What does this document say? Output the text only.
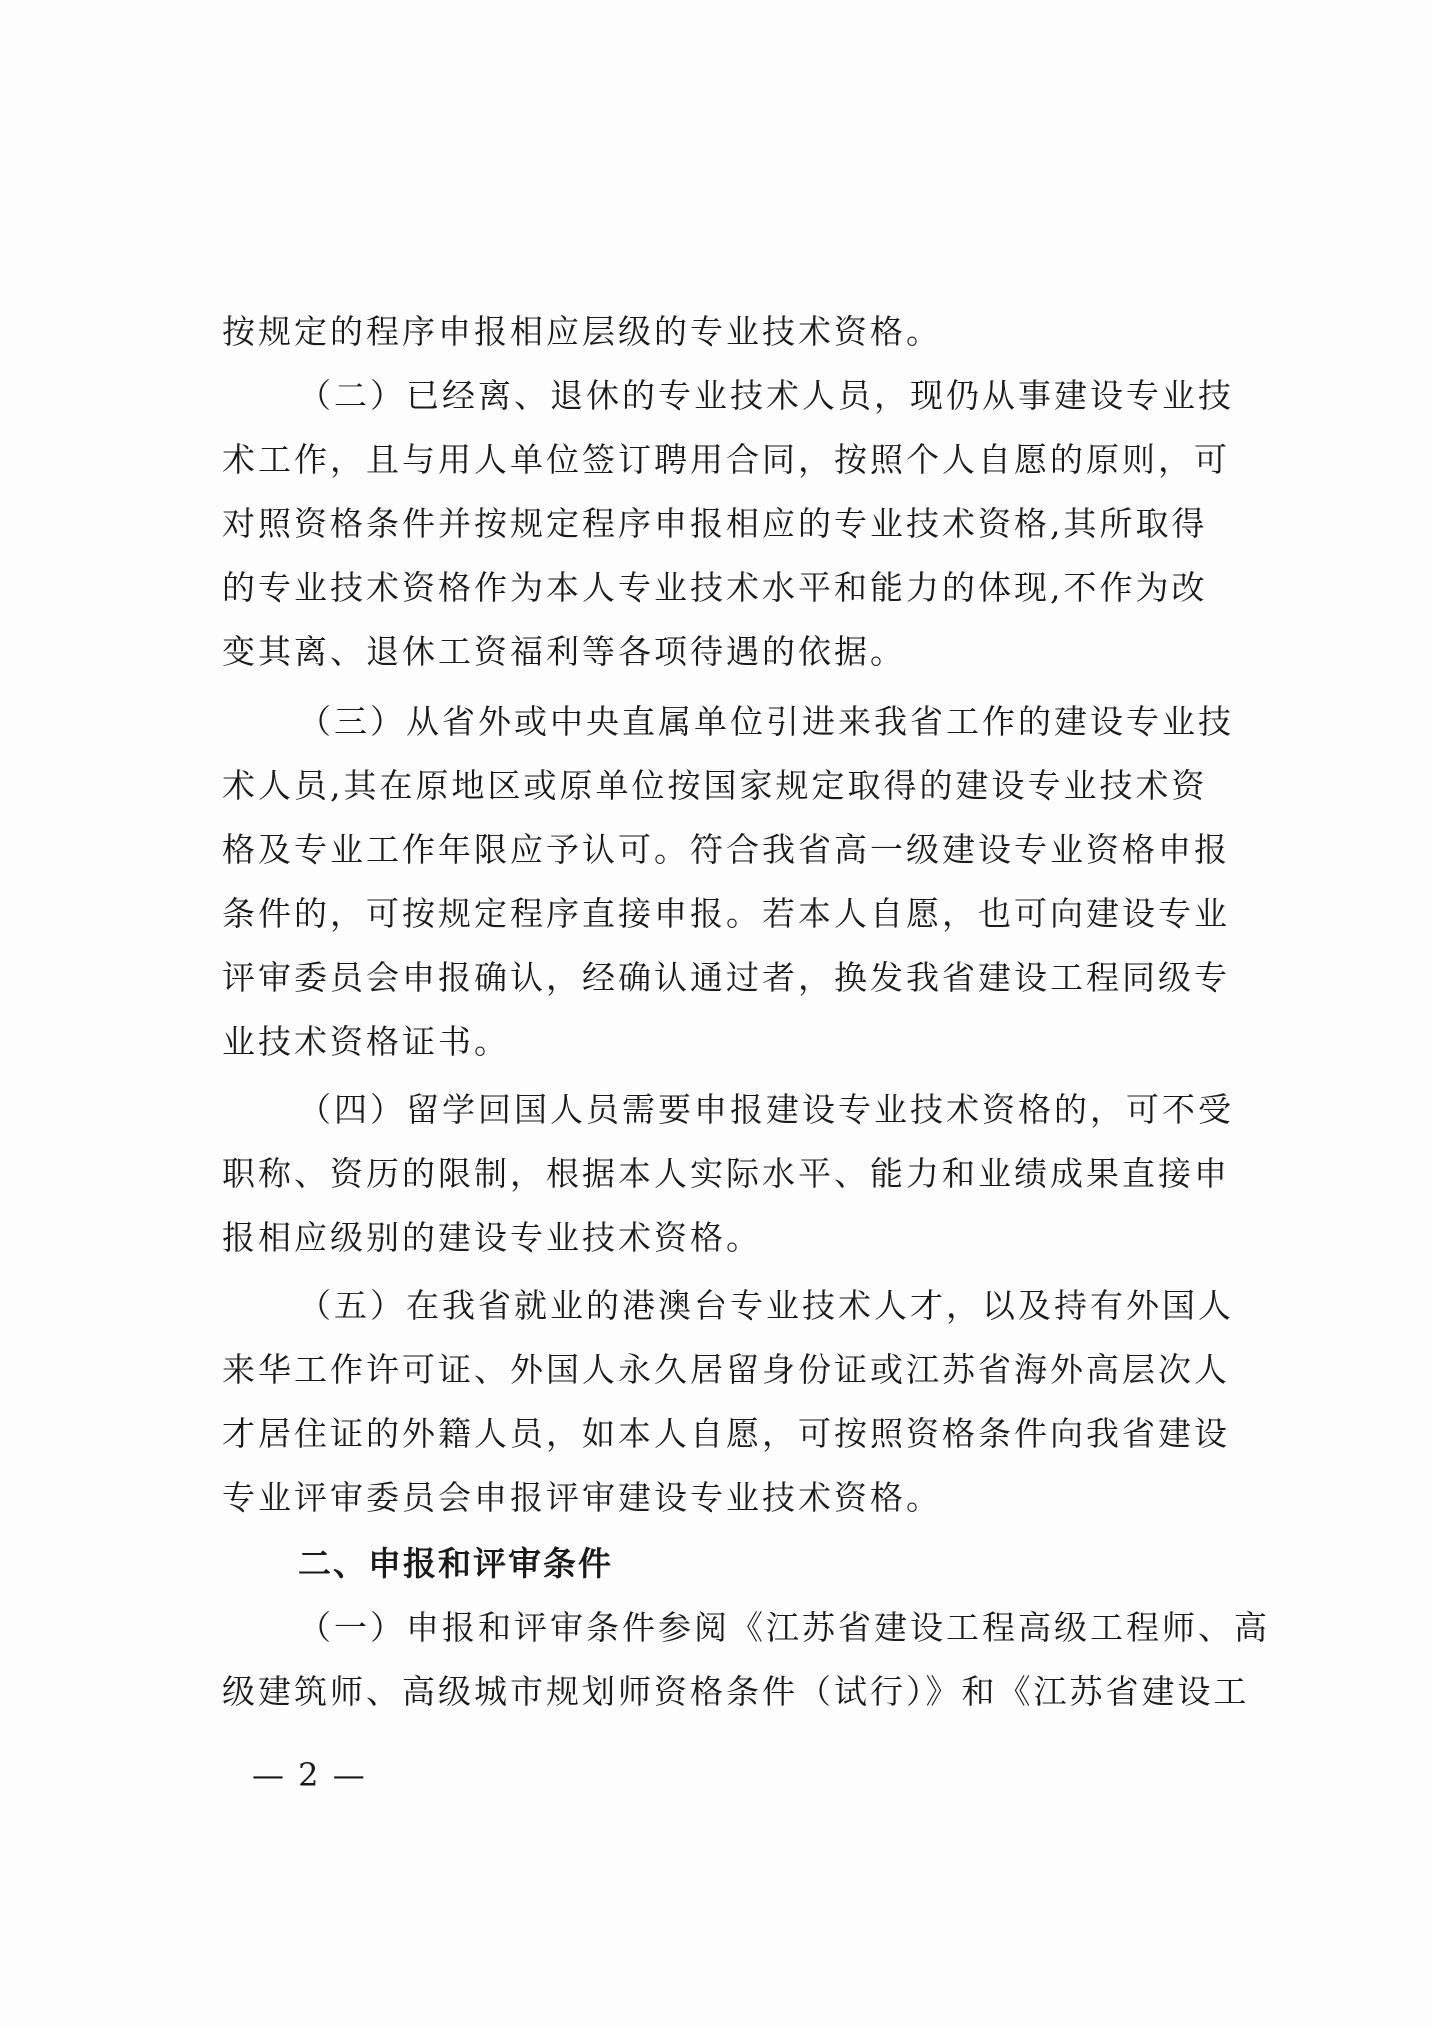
按规定的程序申报相应层级的专业技术资格。
（二）已经离、退休的专业技术人员，现仍从事建设专业技
术工作，且与用人单位签订聘用合同，按照个人自愿的原则，可
对照资格条件并按规定程序申报相应的专业技术资格,其所取得
的专业技术资格作为本人专业技术水平和能力的体现,不作为改
变其离、退休工资福利等各项待遇的依据。
（三）从省外或中央直属单位引进来我省工作的建设专业技
术人员,其在原地区或原单位按国家规定取得的建设专业技术资
格及专业工作年限应予认可。符合我省高一级建设专业资格申报
条件的，可按规定程序直接申报。若本人自愿，也可向建设专业
评审委员会申报确认，经确认通过者，换发我省建设工程同级专
业技术资格证书。
（四）留学回国人员需要申报建设专业技术资格的，可不受
职称、资历的限制，根据本人实际水平、能力和业绩成果直接申
报相应级别的建设专业技术资格。
（五）在我省就业的港澳台专业技术人才，以及持有外国人
来华工作许可证、外国人永久居留身份证或江苏省海外高层次人
才居住证的外籍人员，如本人自愿，可按照资格条件向我省建设
专业评审委员会申报评审建设专业技术资格。
二、申报和评审条件
（一）申报和评审条件参阅《江苏省建设工程高级工程师、高
级建筑师、高级城市规划师资格条件（试行）》和《江苏省建设工
— 2 —
